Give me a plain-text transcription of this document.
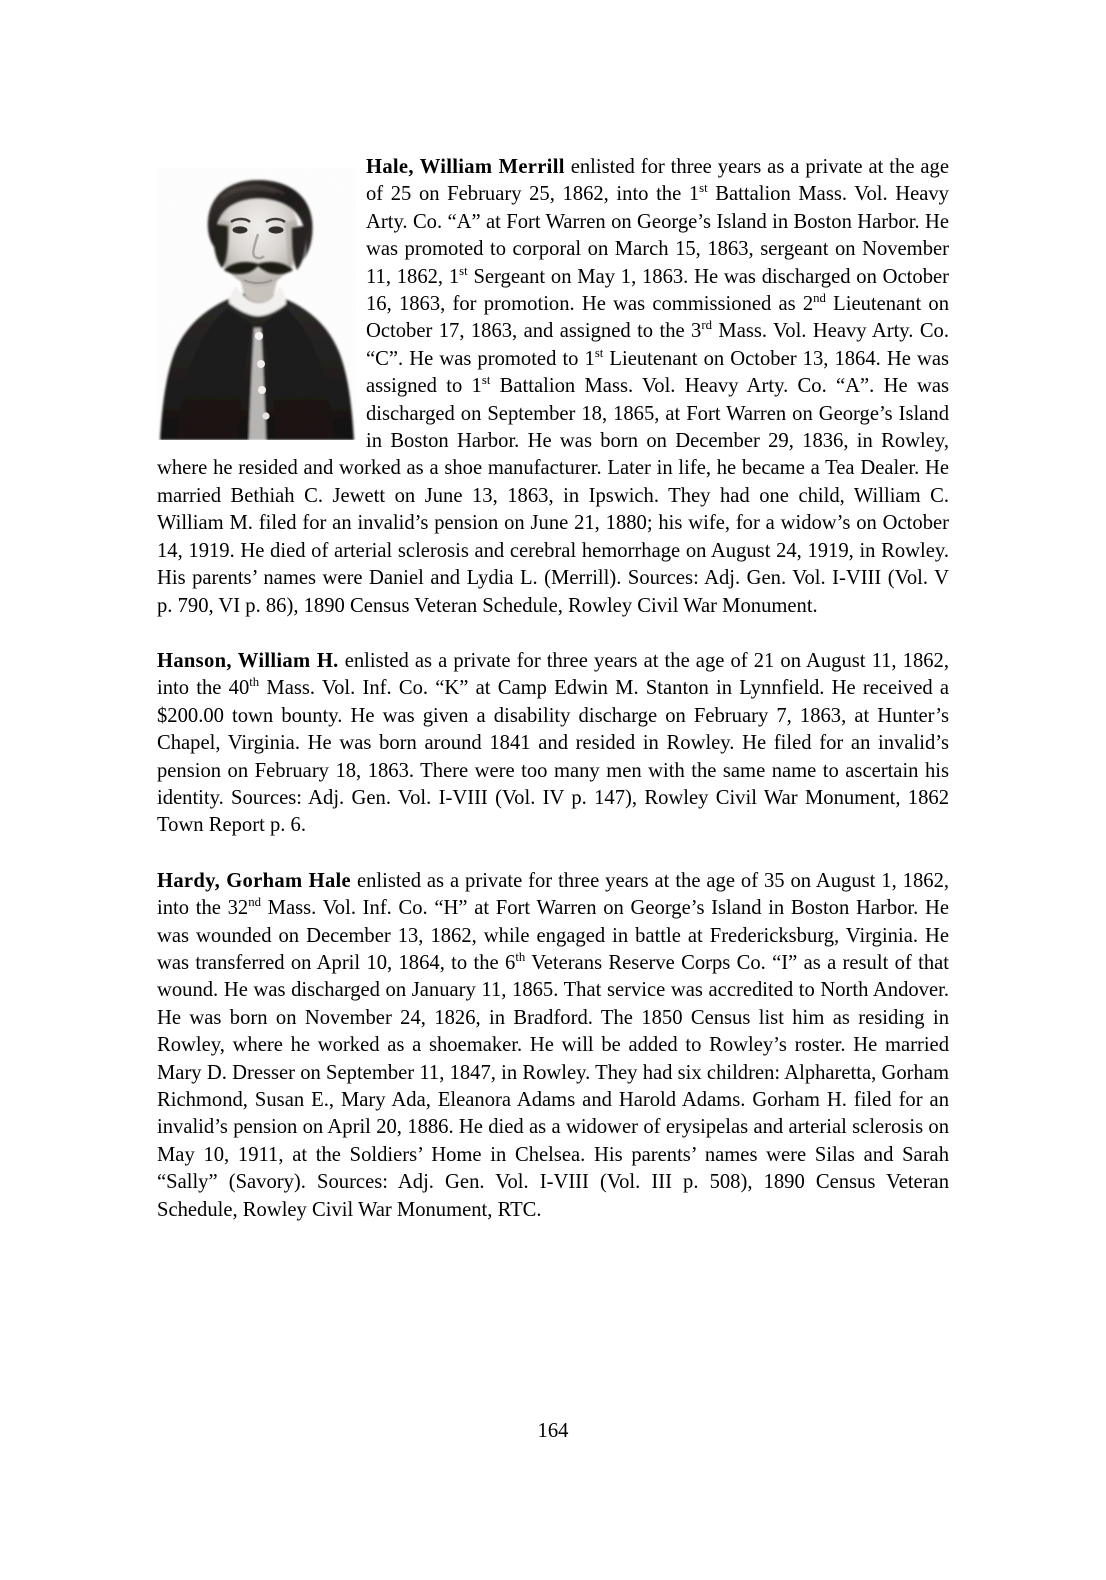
Hale, William Merrill enlisted for three years as a private at the age of 25 on February 25, 1862, into the 1st Battalion Mass. Vol. Heavy Arty. Co. “A” at Fort Warren on George’s Island in Boston Harbor. He was promoted to corporal on March 15, 1863, sergeant on November 11, 1862, 1st Sergeant on May 1, 1863. He was discharged on October 16, 1863, for promotion. He was commissioned as 2nd Lieutenant on October 17, 1863, and assigned to the 3rd Mass. Vol. Heavy Arty. Co. “C”. He was promoted to 1st Lieutenant on October 13, 1864. He was assigned to 1st Battalion Mass. Vol. Heavy Arty. Co. “A”. He was discharged on September 18, 1865, at Fort Warren on George’s Island in Boston Harbor. He was born on December 29, 1836, in Rowley, where he resided and worked as a shoe manufacturer. Later in life, he became a Tea Dealer. He married Bethiah C. Jewett on June 13, 1863, in Ipswich. They had one child, William C. William M. filed for an invalid’s pension on June 21, 1880; his wife, for a widow’s on October 14, 1919. He died of arterial sclerosis and cerebral hemorrhage on August 24, 1919, in Rowley. His parents’ names were Daniel and Lydia L. (Merrill). Sources: Adj. Gen. Vol. I-VIII (Vol. V p. 790, VI p. 86), 1890 Census Veteran Schedule, Rowley Civil War Monument.

Hanson, William H. enlisted as a private for three years at the age of 21 on August 11, 1862, into the 40th Mass. Vol. Inf. Co. “K” at Camp Edwin M. Stanton in Lynnfield. He received a $200.00 town bounty. He was given a disability discharge on February 7, 1863, at Hunter’s Chapel, Virginia. He was born around 1841 and resided in Rowley. He filed for an invalid’s pension on February 18, 1863. There were too many men with the same name to ascertain his identity. Sources: Adj. Gen. Vol. I-VIII (Vol. IV p. 147), Rowley Civil War Monument, 1862 Town Report p. 6.

Hardy, Gorham Hale enlisted as a private for three years at the age of 35 on August 1, 1862, into the 32nd Mass. Vol. Inf. Co. “H” at Fort Warren on George’s Island in Boston Harbor. He was wounded on December 13, 1862, while engaged in battle at Fredericksburg, Virginia. He was transferred on April 10, 1864, to the 6th Veterans Reserve Corps Co. “I” as a result of that wound. He was discharged on January 11, 1865. That service was accredited to North Andover. He was born on November 24, 1826, in Bradford. The 1850 Census list him as residing in Rowley, where he worked as a shoemaker. He will be added to Rowley’s roster. He married Mary D. Dresser on September 11, 1847, in Rowley. They had six children: Alpharetta, Gorham Richmond, Susan E., Mary Ada, Eleanora Adams and Harold Adams. Gorham H. filed for an invalid’s pension on April 20, 1886. He died as a widower of erysipelas and arterial sclerosis on May 10, 1911, at the Soldiers’ Home in Chelsea. His parents’ names were Silas and Sarah “Sally” (Savory). Sources: Adj. Gen. Vol. I-VIII (Vol. III p. 508), 1890 Census Veteran Schedule, Rowley Civil War Monument, RTC.

164
